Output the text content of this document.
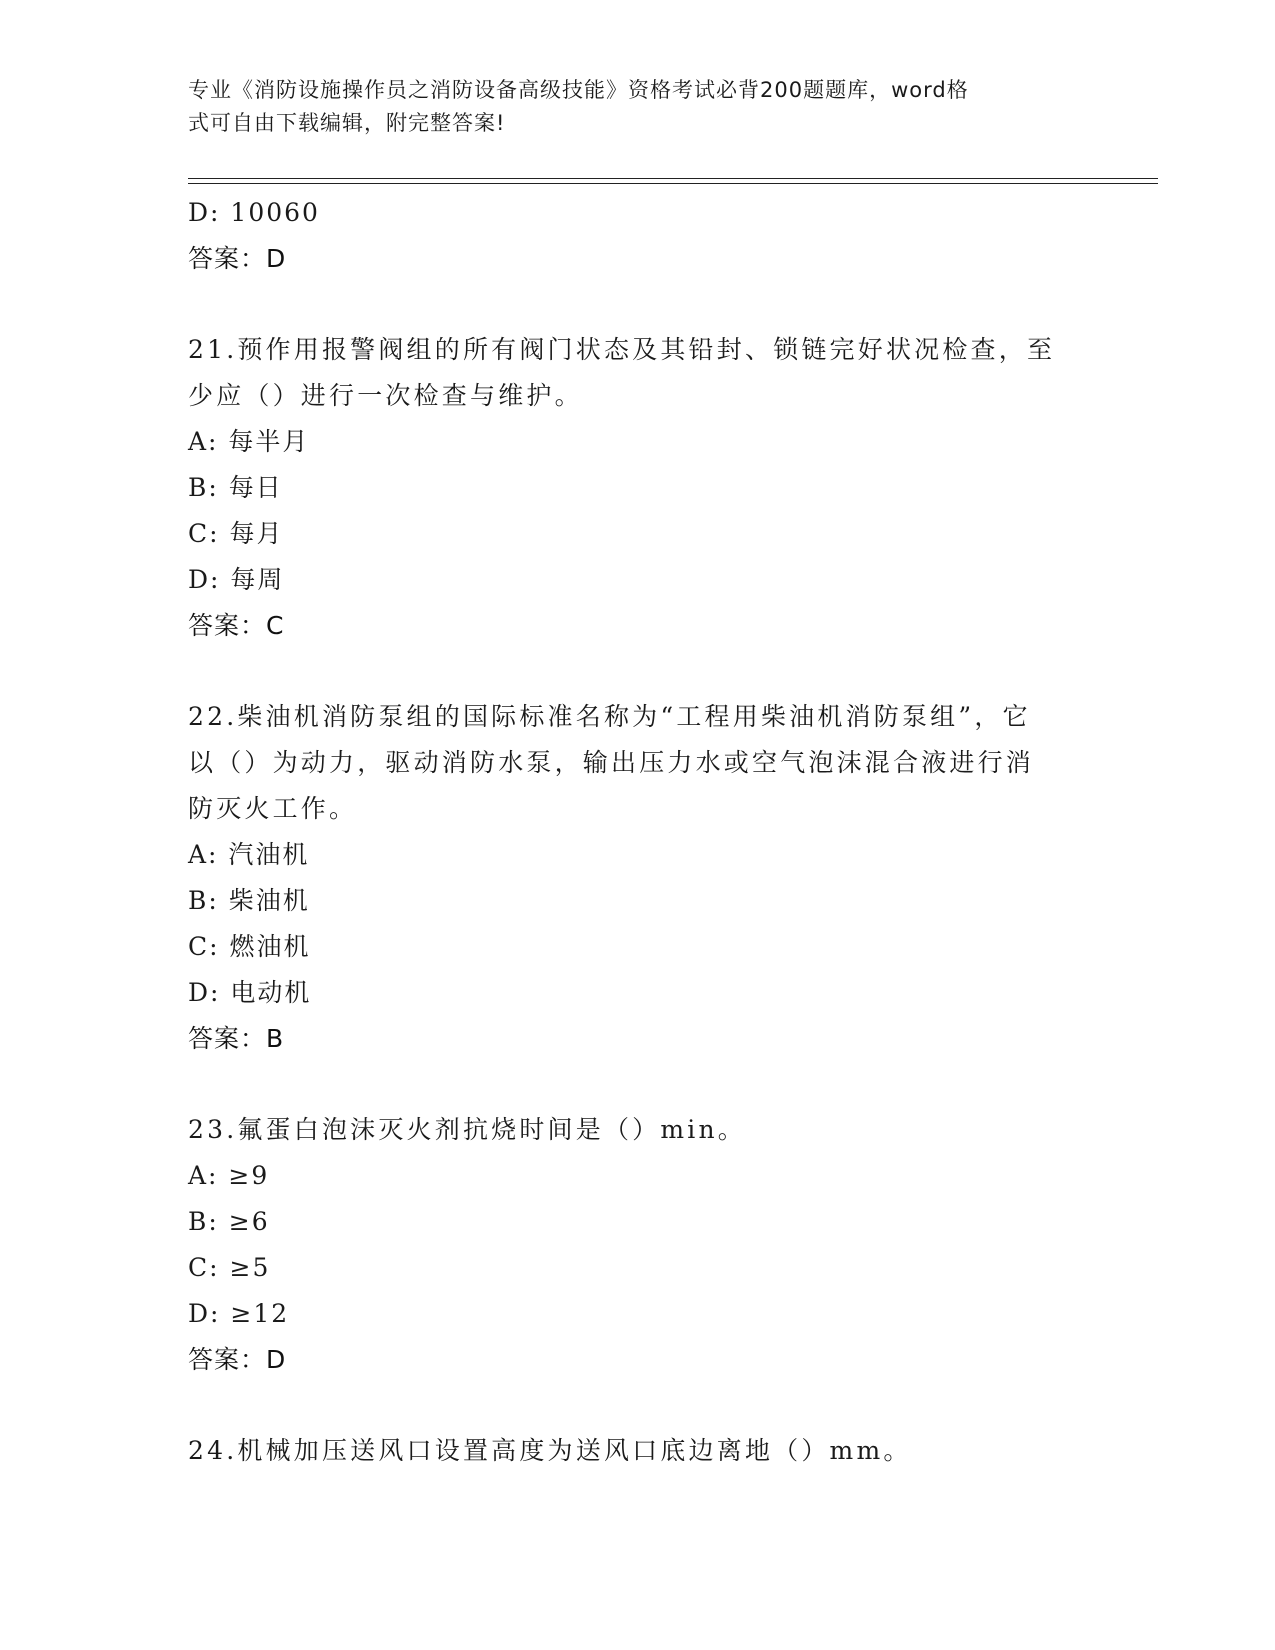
专业《消防设施操作员之消防设备高级技能》资格考试必背200题题库，word格
式可自由下载编辑，附完整答案!
D: 10060
答案：D
21.预作用报警阀组的所有阀门状态及其铅封、锁链完好状况检查，至
少应（）进行一次检查与维护。
A: 每半月
B: 每日
C: 每月
D: 每周
答案：C
22.柴油机消防泵组的国际标准名称为“工程用柴油机消防泵组”，它
以（）为动力，驱动消防水泵，输出压力水或空气泡沫混合液进行消
防灭火工作。
A: 汽油机
B: 柴油机
C: 燃油机
D: 电动机
答案：B
23.氟蛋白泡沫灭火剂抗烧时间是（）min。
A: ≥9
B: ≥6
C: ≥5
D: ≥12
答案：D
24.机械加压送风口设置高度为送风口底边离地（）mm。
